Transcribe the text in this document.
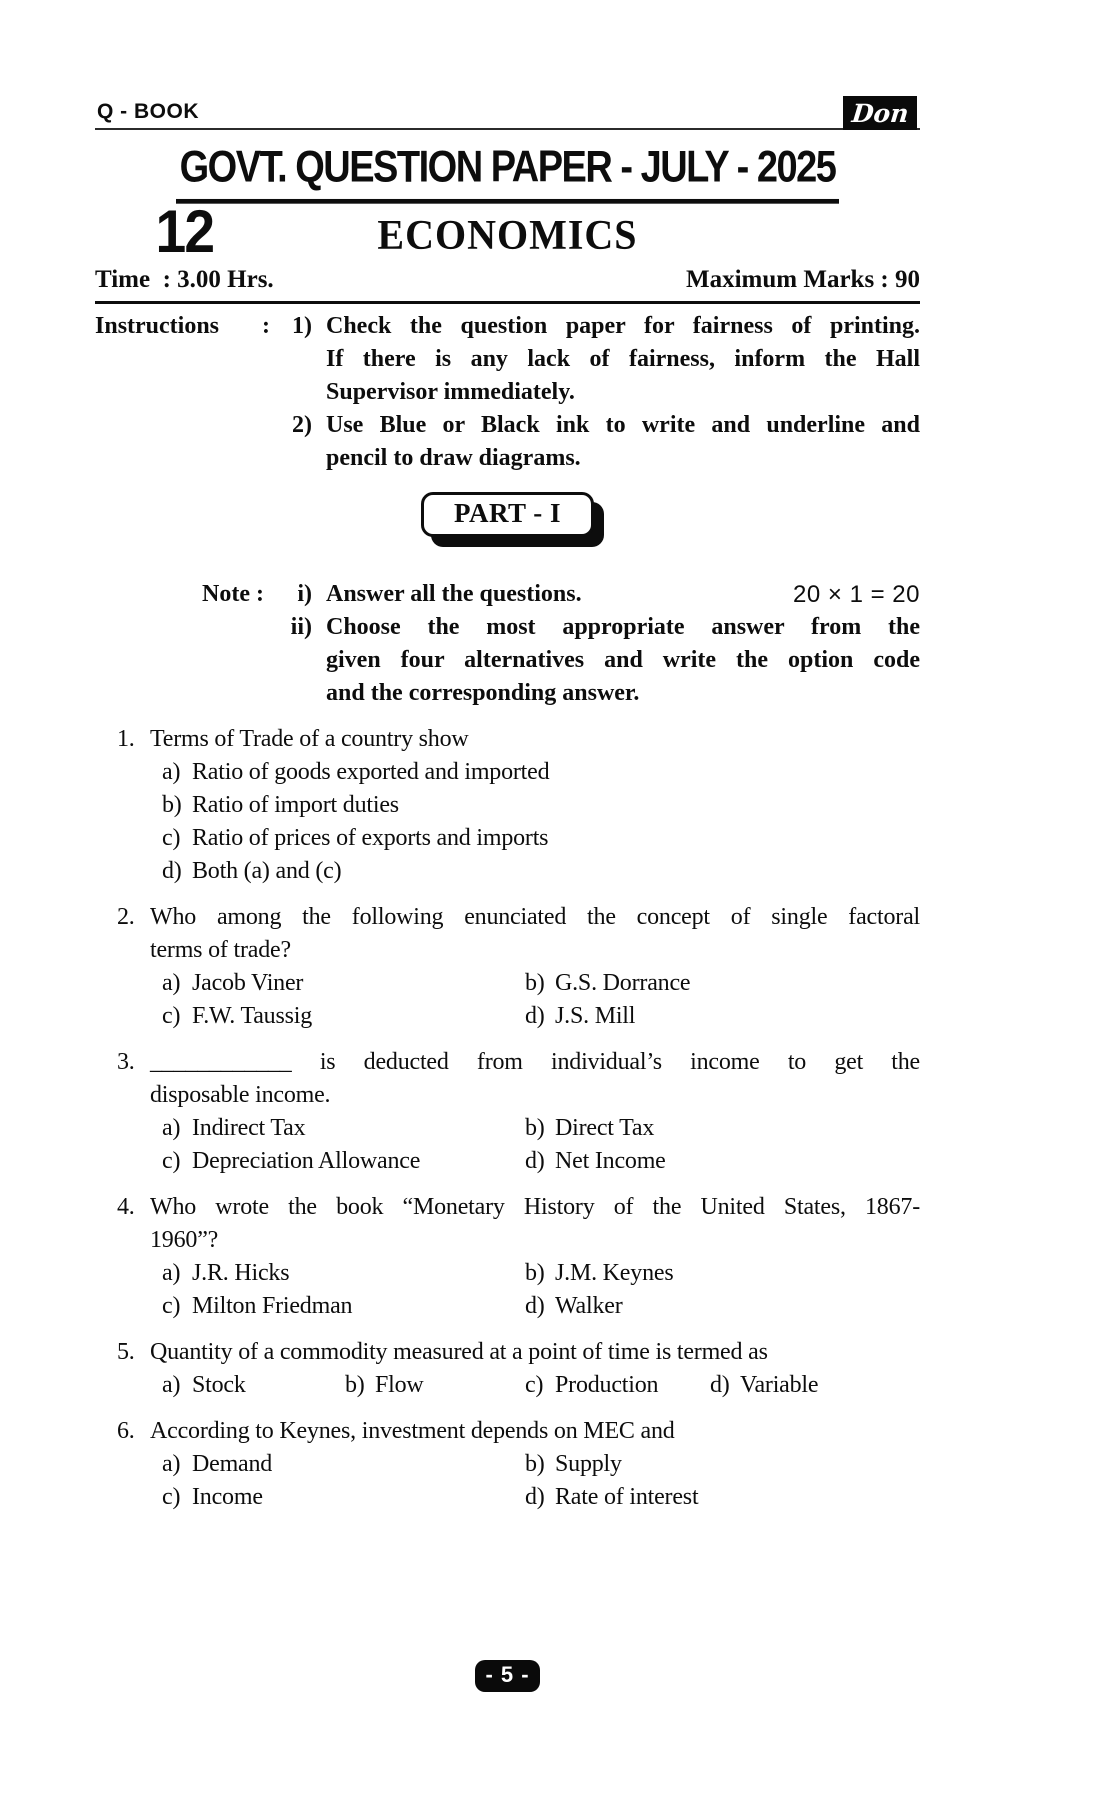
Q - BOOK	Don
GOVT. QUESTION PAPER - JULY - 2025
12	ECONOMICS
Time  : 3.00 Hrs.	Maximum Marks : 90
Instructions : 1) Check the question paper for fairness of printing.
If there is any lack of fairness, inform the Hall
Supervisor immediately.
2) Use Blue or Black ink to write and underline and
pencil to draw diagrams.
PART - I
Note :	i) Answer all the questions.	20 × 1 = 20
ii) Choose the most appropriate answer from the
given four alternatives and write the option code
and the corresponding answer.
1. Terms of Trade of a country show
a) Ratio of goods exported and imported
b) Ratio of import duties
c) Ratio of prices of exports and imports
d) Both (a) and (c)
2. Who among the following enunciated the concept of single factoral
terms of trade?
a) Jacob Viner	b) G.S. Dorrance
c) F.W. Taussig	d) J.S. Mill
3. ____________ is deducted from individual’s income to get the
disposable income.
a) Indirect Tax	b) Direct Tax
c) Depreciation Allowance	d) Net Income
4. Who wrote the book “Monetary History of the United States, 1867-
1960”?
a) J.R. Hicks	b) J.M. Keynes
c) Milton Friedman	d) Walker
5. Quantity of a commodity measured at a point of time is termed as
a) Stock	b) Flow	c) Production	d) Variable
6. According to Keynes, investment depends on MEC and
a) Demand	b) Supply
c) Income	d) Rate of interest
- 5 -
